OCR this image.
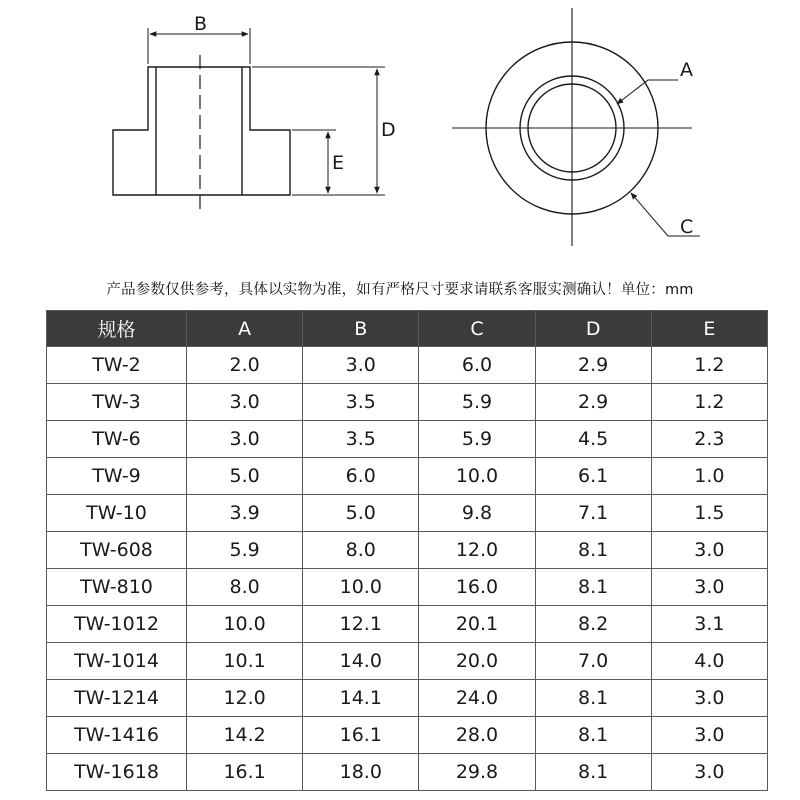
B
D
E
A
C
产品参数仅供参考，具体以实物为准，如有严格尺寸要求请联系客服实测确认！单位：mm
规格	A	B	C	D	E
TW-2	2.0	3.0	6.0	2.9	1.2
TW-3	3.0	3.5	5.9	2.9	1.2
TW-6	3.0	3.5	5.9	4.5	2.3
TW-9	5.0	6.0	10.0	6.1	1.0
TW-10	3.9	5.0	9.8	7.1	1.5
TW-608	5.9	8.0	12.0	8.1	3.0
TW-810	8.0	10.0	16.0	8.1	3.0
TW-1012	10.0	12.1	20.1	8.2	3.1
TW-1014	10.1	14.0	20.0	7.0	4.0
TW-1214	12.0	14.1	24.0	8.1	3.0
TW-1416	14.2	16.1	28.0	8.1	3.0
TW-1618	16.1	18.0	29.8	8.1	3.0
